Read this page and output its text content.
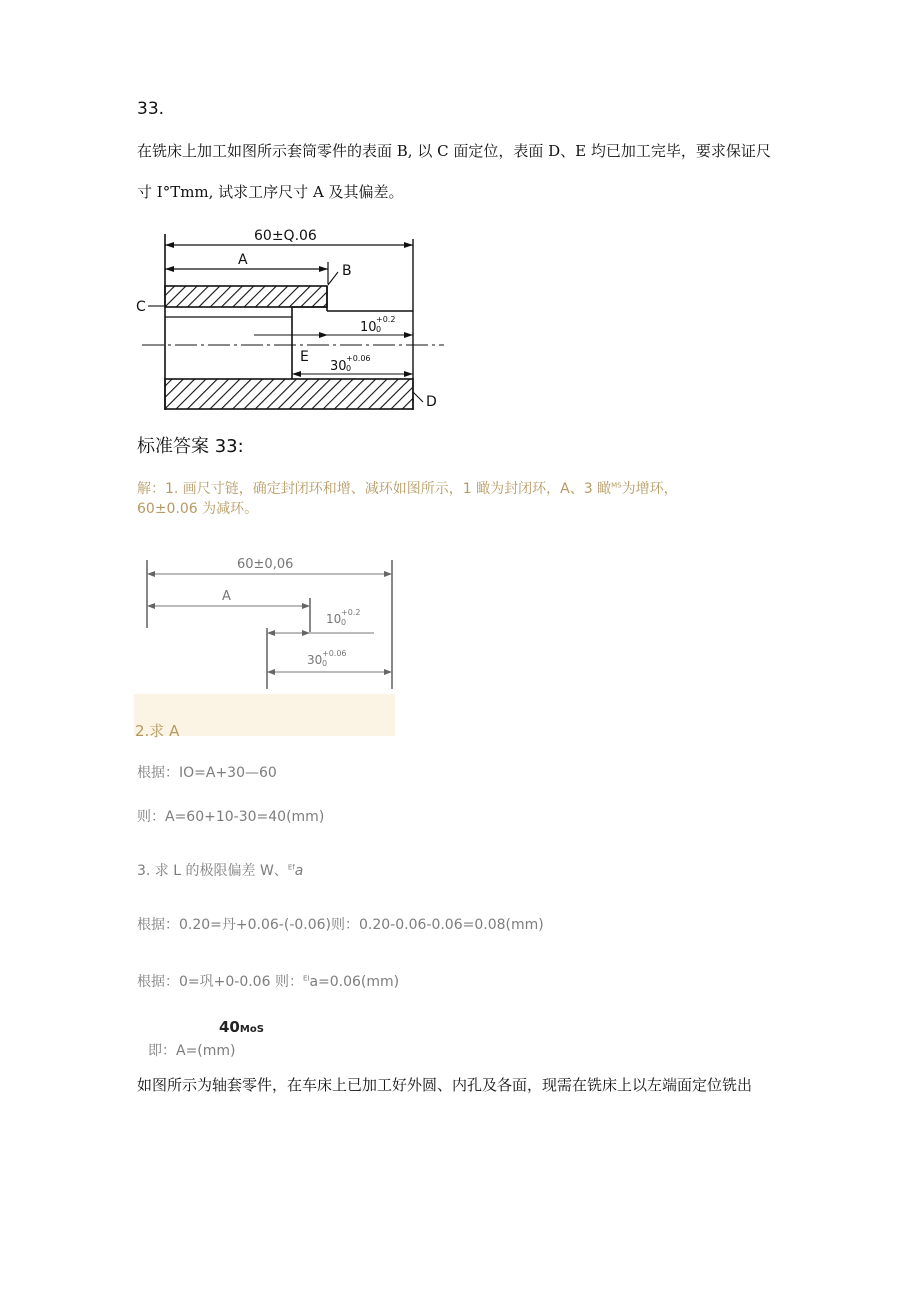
33.
在铣床上加工如图所示套筒零件的表面 B, 以 C 面定位，表面 D、E 均已加工完毕，要求保证尺
寸 I°Tmm, 试求工序尺寸 A 及其偏差。
60±Q.06
A
B
C
D
E
10
+0.2
0
30
+0.06
0
标准答案 33:
解：1. 画尺寸链，确定封闭环和增、减环如图所示，1 瞰为封闭环，A、3 瞰$^{MS}$为增环，
60±0.06 为减环。
60±0,06
A
10 +0.2
0
30 +0.06
0
2.求 A
根据：IO=A+30—60
则：A=60+10-30=40(mm)
3. 求 L 的极限偏差 W、$^{Ef}$a
根据：0.20=丹+0.06-(-0.06)则：0.20-0.06-0.06=0.08(mm)
根据：0=巩+0-0.06 则：$^{EI}$a=0.06(mm)
40MoS
即：A=(mm)
如图所示为轴套零件，在车床上已加工好外圆、内孔及各面，现需在铣床上以左端面定位铣出
